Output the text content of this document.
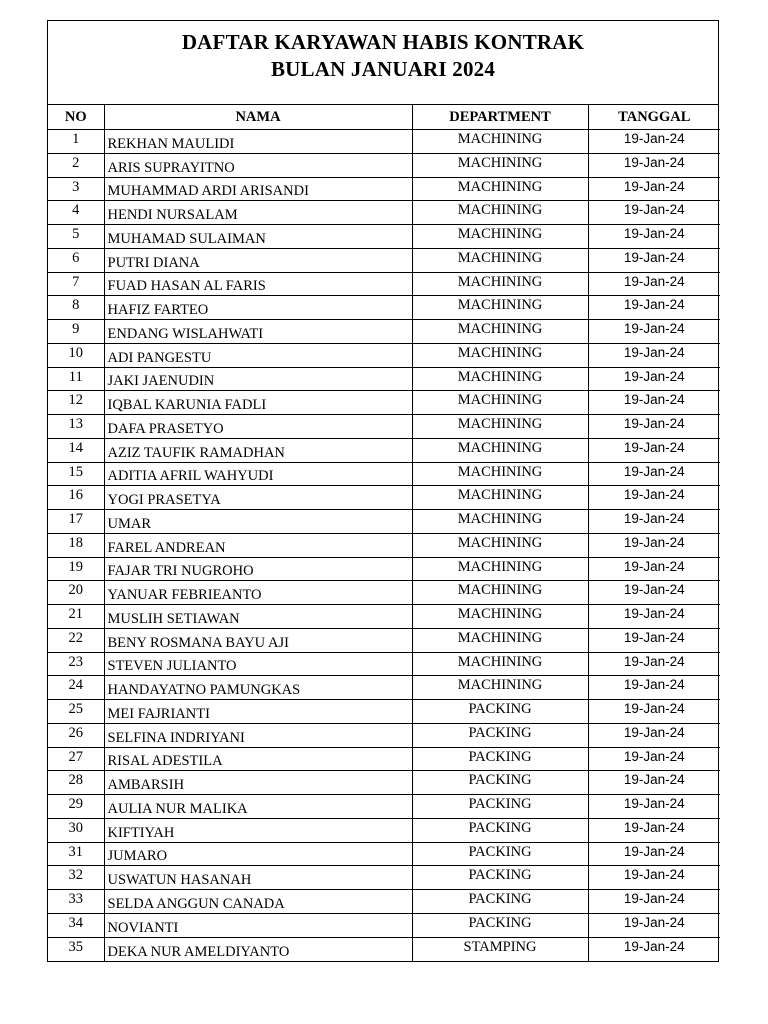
DAFTAR KARYAWAN HABIS KONTRAK
BULAN JANUARI 2024
NO	NAMA	DEPARTMENT	TANGGAL
1	REKHAN MAULIDI	MACHINING	19-Jan-24
2	ARIS SUPRAYITNO	MACHINING	19-Jan-24
3	MUHAMMAD ARDI ARISANDI	MACHINING	19-Jan-24
4	HENDI NURSALAM	MACHINING	19-Jan-24
5	MUHAMAD SULAIMAN	MACHINING	19-Jan-24
6	PUTRI DIANA	MACHINING	19-Jan-24
7	FUAD HASAN AL FARIS	MACHINING	19-Jan-24
8	HAFIZ FARTEO	MACHINING	19-Jan-24
9	ENDANG WISLAHWATI	MACHINING	19-Jan-24
10	ADI PANGESTU	MACHINING	19-Jan-24
11	JAKI JAENUDIN	MACHINING	19-Jan-24
12	IQBAL KARUNIA FADLI	MACHINING	19-Jan-24
13	DAFA PRASETYO	MACHINING	19-Jan-24
14	AZIZ TAUFIK RAMADHAN	MACHINING	19-Jan-24
15	ADITIA AFRIL WAHYUDI	MACHINING	19-Jan-24
16	YOGI PRASETYA	MACHINING	19-Jan-24
17	UMAR	MACHINING	19-Jan-24
18	FAREL ANDREAN	MACHINING	19-Jan-24
19	FAJAR TRI NUGROHO	MACHINING	19-Jan-24
20	YANUAR FEBRIEANTO	MACHINING	19-Jan-24
21	MUSLIH SETIAWAN	MACHINING	19-Jan-24
22	BENY ROSMANA BAYU AJI	MACHINING	19-Jan-24
23	STEVEN JULIANTO	MACHINING	19-Jan-24
24	HANDAYATNO PAMUNGKAS	MACHINING	19-Jan-24
25	MEI FAJRIANTI	PACKING	19-Jan-24
26	SELFINA INDRIYANI	PACKING	19-Jan-24
27	RISAL ADESTILA	PACKING	19-Jan-24
28	AMBARSIH	PACKING	19-Jan-24
29	AULIA NUR MALIKA	PACKING	19-Jan-24
30	KIFTIYAH	PACKING	19-Jan-24
31	JUMARO	PACKING	19-Jan-24
32	USWATUN HASANAH	PACKING	19-Jan-24
33	SELDA ANGGUN CANADA	PACKING	19-Jan-24
34	NOVIANTI	PACKING	19-Jan-24
35	DEKA NUR AMELDIYANTO	STAMPING	19-Jan-24
